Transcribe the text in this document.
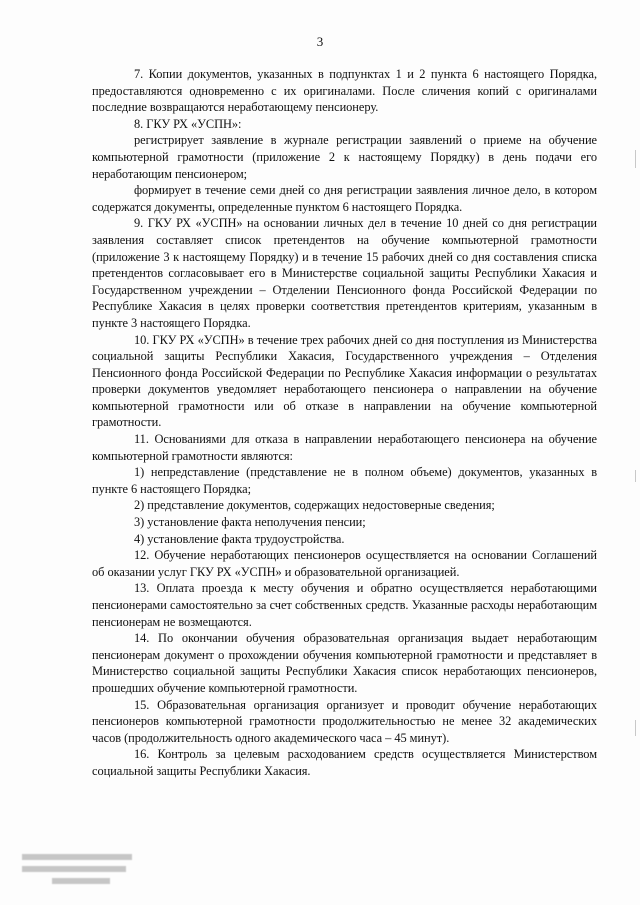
3

7. Копии документов, указанных в подпунктах 1 и 2 пункта 6 настоящего Порядка, предоставляются одновременно с их оригиналами. После сличения копий с оригиналами последние возвращаются неработающему пенсионеру.

8. ГКУ РХ «УСПН»:

регистрирует заявление в журнале регистрации заявлений о приеме на обучение компьютерной грамотности (приложение 2 к настоящему Порядку) в день подачи его неработающим пенсионером;

формирует в течение семи дней со дня регистрации заявления личное дело, в котором содержатся документы, определенные пунктом 6 настоящего Порядка.

9. ГКУ РХ «УСПН» на основании личных дел в течение 10 дней со дня регистрации заявления составляет список претендентов на обучение компьютерной грамотности (приложение 3 к настоящему Порядку) и в течение 15 рабочих дней со дня составления списка претендентов согласовывает его в Министерстве социальной защиты Республики Хакасия и Государственном учреждении – Отделении Пенсионного фонда Российской Федерации по Республике Хакасия в целях проверки соответствия претендентов критериям, указанным в пункте 3 настоящего Порядка.

10. ГКУ РХ «УСПН» в течение трех рабочих дней со дня поступления из Министерства социальной защиты Республики Хакасия, Государственного учреждения – Отделения Пенсионного фонда Российской Федерации по Республике Хакасия информации о результатах проверки документов уведомляет неработающего пенсионера о направлении на обучение компьютерной грамотности или об отказе в направлении на обучение компьютерной грамотности.

11. Основаниями для отказа в направлении неработающего пенсионера на обучение компьютерной грамотности являются:

1) непредставление (представление не в полном объеме) документов, указанных в пункте 6 настоящего Порядка;

2) представление документов, содержащих недостоверные сведения;

3) установление факта неполучения пенсии;

4) установление факта трудоустройства.

12. Обучение неработающих пенсионеров осуществляется на основании Соглашений об оказании услуг ГКУ РХ «УСПН» и образовательной организацией.

13. Оплата проезда к месту обучения и обратно осуществляется неработающими пенсионерами самостоятельно за счет собственных средств. Указанные расходы неработающим пенсионерам не возмещаются.

14. По окончании обучения образовательная организация выдает неработающим пенсионерам документ о прохождении обучения компьютерной грамотности и представляет в Министерство социальной защиты Республики Хакасия список неработающих пенсионеров, прошедших обучение компьютерной грамотности.

15. Образовательная организация организует и проводит обучение неработающих пенсионеров компьютерной грамотности продолжительностью не менее 32 академических часов (продолжительность одного академического часа – 45 минут).

16. Контроль за целевым расходованием средств осуществляется Министерством социальной защиты Республики Хакасия.
